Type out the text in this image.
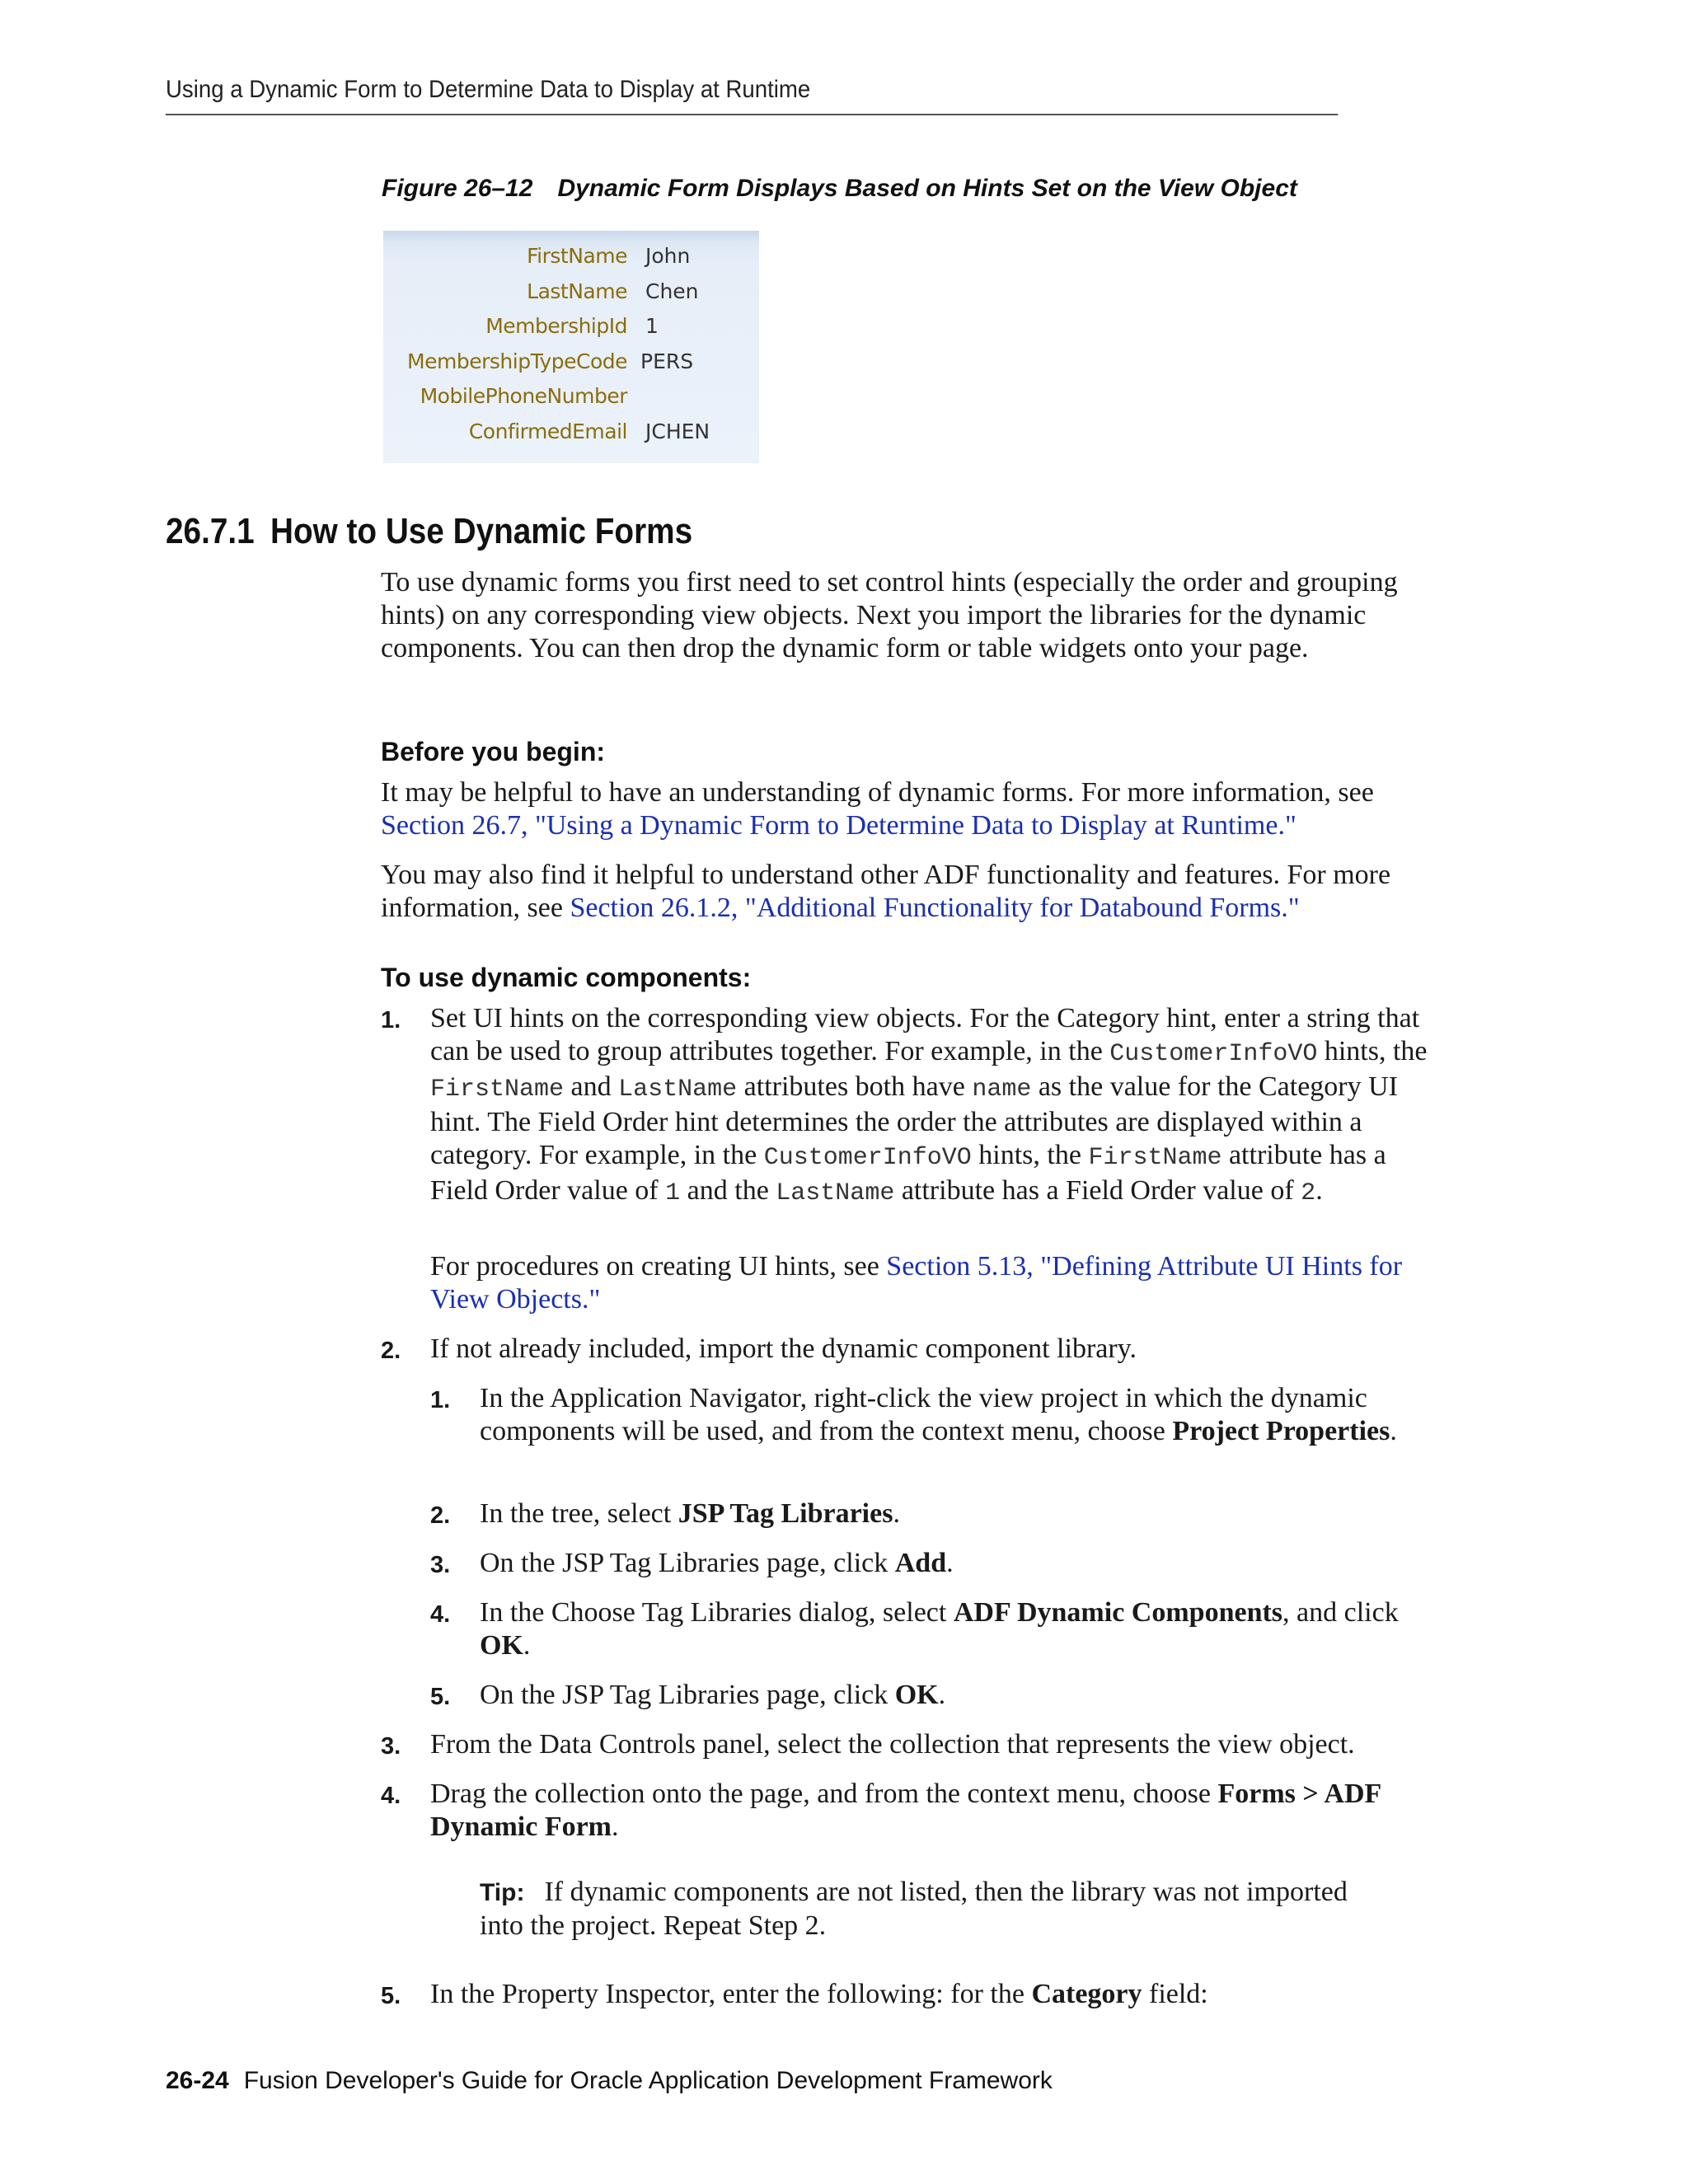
Using a Dynamic Form to Determine Data to Display at Runtime
Figure 26–12 Dynamic Form Displays Based on Hints Set on the View Object
FirstName John
LastName Chen
MembershipId 1
MembershipTypeCode PERS
MobilePhoneNumber
ConfirmedEmail JCHEN
26.7.1 How to Use Dynamic Forms

To use dynamic forms you first need to set control hints (especially the order and grouping hints) on any corresponding view objects. Next you import the libraries for the dynamic components. You can then drop the dynamic form or table widgets onto your page.

Before you begin:

It may be helpful to have an understanding of dynamic forms. For more information, see Section 26.7, "Using a Dynamic Form to Determine Data to Display at Runtime."

You may also find it helpful to understand other ADF functionality and features. For more information, see Section 26.1.2, "Additional Functionality for Databound Forms."

To use dynamic components:
1. Set UI hints on the corresponding view objects. For the Category hint, enter a string that can be used to group attributes together. For example, in the CustomerInfoVO hints, the FirstName and LastName attributes both have name as the value for the Category UI hint. The Field Order hint determines the order the attributes are displayed within a category. For example, in the CustomerInfoVO hints, the FirstName attribute has a Field Order value of 1 and the LastName attribute has a Field Order value of 2.
For procedures on creating UI hints, see Section 5.13, "Defining Attribute UI Hints for View Objects."
2. If not already included, import the dynamic component library.
1. In the Application Navigator, right-click the view project in which the dynamic components will be used, and from the context menu, choose Project Properties.
2. In the tree, select JSP Tag Libraries.
3. On the JSP Tag Libraries page, click Add.
4. In the Choose Tag Libraries dialog, select ADF Dynamic Components, and click OK.
5. On the JSP Tag Libraries page, click OK.
3. From the Data Controls panel, select the collection that represents the view object.
4. Drag the collection onto the page, and from the context menu, choose Forms > ADF Dynamic Form.
Tip: If dynamic components are not listed, then the library was not imported into the project. Repeat Step 2.
5. In the Property Inspector, enter the following: for the Category field:
26-24 Fusion Developer's Guide for Oracle Application Development Framework
